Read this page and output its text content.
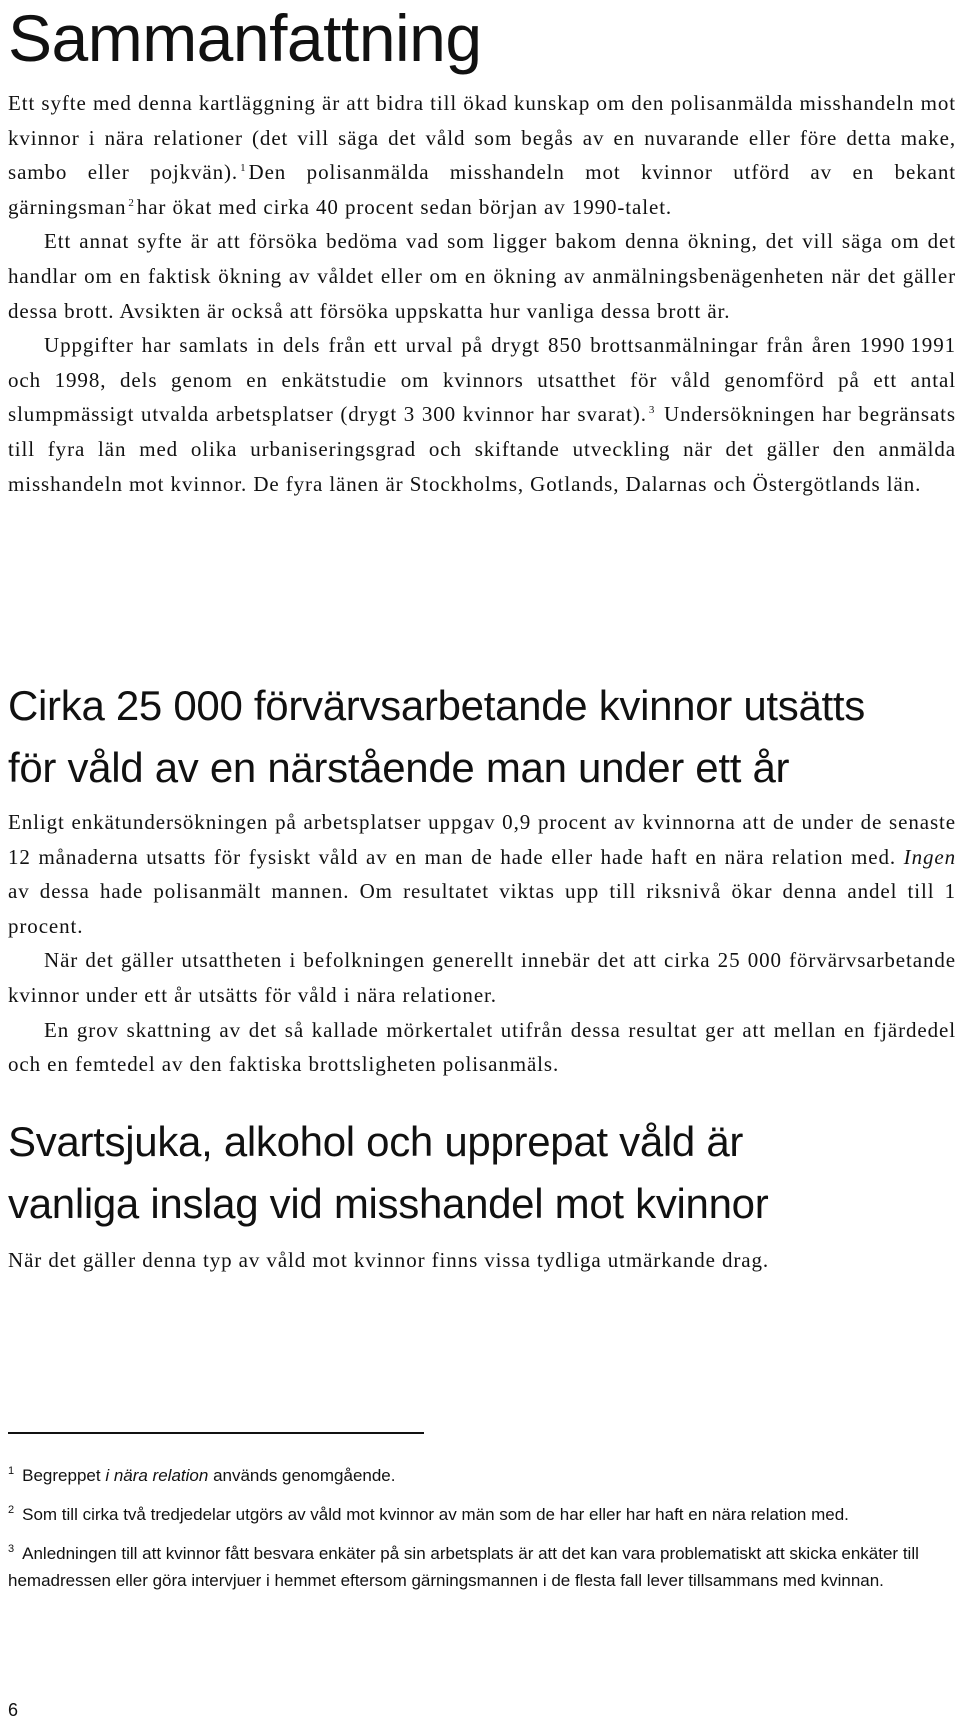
Sammanfattning

Ett syfte med denna kartläggning är att bidra till ökad kunskap om den polisanmälda misshandeln mot kvinnor i nära relationer (det vill säga det våld som begås av en nuvarande eller före detta make, sambo eller pojkvän). $^1$Den polisanmälda misshandeln mot kvinnor utförd av en bekant gärningsman $^2$har ökat med cirka 40 procent sedan början av 1990-talet.

Ett annat syfte är att försöka bedöma vad som ligger bakom denna ökning, det vill säga om det handlar om en faktisk ökning av våldet eller om en ökning av anmälningsbenägenheten när det gäller dessa brott. Avsikten är också att försöka uppskatta hur vanliga dessa brott är.

Uppgifter har samlats in dels från ett urval på drygt 850 brottsanmälningar från åren 1990 1991 och 1998, dels genom en enkätstudie om kvinnors utsatthet för våld genomförd på ett antal slumpmässigt utvalda arbetsplatser (drygt 3 300 kvinnor har svarat). $^3$ Undersökningen har begränsats till fyra län med olika urbaniseringsgrad och skiftande utveckling när det gäller den anmälda misshandeln mot kvinnor. De fyra länen är Stockholms, Gotlands, Dalarnas och Östergötlands län.

Cirka 25 000 förvärvsarbetande kvinnor utsätts
för våld av en närstående man under ett år

Enligt enkätundersökningen på arbetsplatser uppgav 0,9 procent av kvinnorna att de under de senaste 12 månaderna utsatts för fysiskt våld av en man de hade eller hade haft en nära relation med. Ingen av dessa hade polisanmält mannen. Om resultatet viktas upp till riksnivå ökar denna andel till 1 procent.

När det gäller utsattheten i befolkningen generellt innebär det att cirka 25 000 förvärvsarbetande kvinnor under ett år utsätts för våld i nära relationer.

En grov skattning av det så kallade mörkertalet utifrån dessa resultat ger att mellan en fjärdedel och en femtedel av den faktiska brottsligheten polisanmäls.

Svartsjuka, alkohol och upprepat våld är
vanliga inslag vid misshandel mot kvinnor

När det gäller denna typ av våld mot kvinnor finns vissa tydliga utmärkande drag.

$^1$ Begreppet i nära relation används genomgående.

$^2$ Som till cirka två tredjedelar utgörs av våld mot kvinnor av män som de har eller har haft en nära relation med.

$^3$ Anledningen till att kvinnor fått besvara enkäter på sin arbetsplats är att det kan vara problematiskt att skicka enkäter till hemadressen eller göra intervjuer i hemmet eftersom gärningsmannen i de flesta fall lever tillsammans med kvinnan.

6
